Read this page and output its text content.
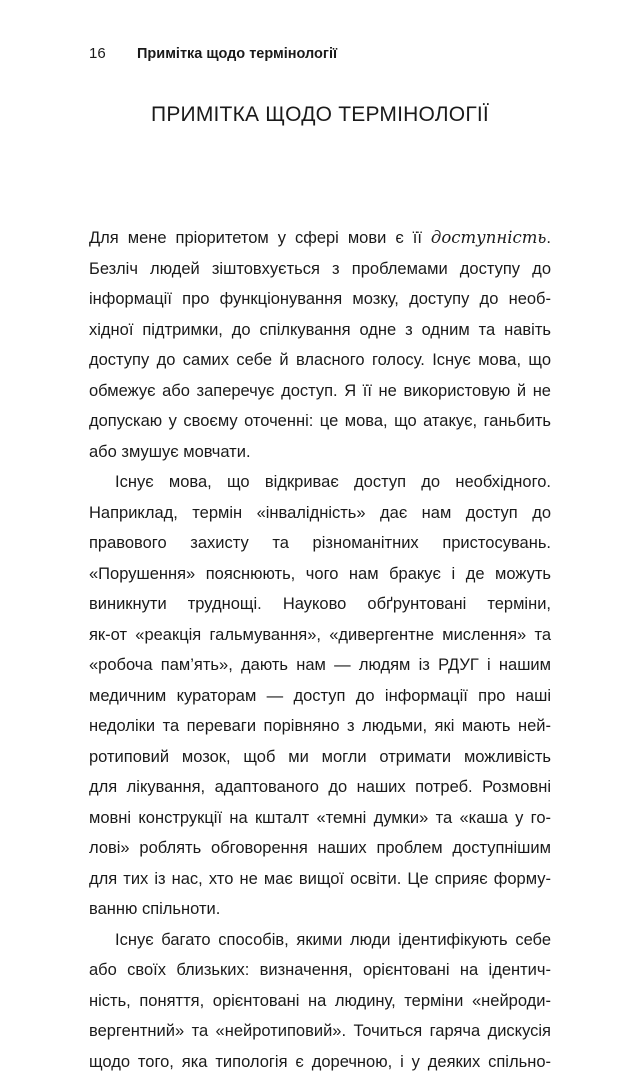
16 Примітка щодо термінології
ПРИМІТКА ЩОДО ТЕРМІНОЛОГІЇ

Для мене пріоритетом у сфері мови є її доступність.
Безліч людей зіштовхується з проблемами доступу до
інформації про функціонування мозку, доступу до необ-
хідної підтримки, до спілкування одне з одним та навіть
доступу до самих себе й власного голосу. Існує мова, що
обмежує або заперечує доступ. Я її не використовую й не
допускаю у своєму оточенні: це мова, що атакує, ганьбить
або змушує мовчати.

Існує мова, що відкриває доступ до необхідного.
Наприклад, термін «інвалідність» дає нам доступ до
правового захисту та різноманітних пристосувань.
«Порушення» пояснюють, чого нам бракує і де можуть
виникнути труднощі. Науково обґрунтовані терміни,
як-от «реакція гальмування», «дивергентне мислення» та
«робоча пам’ять», дають нам — людям із РДУГ і нашим
медичним кураторам — доступ до інформації про наші
недоліки та переваги порівняно з людьми, які мають ней-
ротиповий мозок, щоб ми могли отримати можливість
для лікування, адаптованого до наших потреб. Розмовні
мовні конструкції на кшталт «темні думки» та «каша у го-
лові» роблять обговорення наших проблем доступнішим
для тих із нас, хто не має вищої освіти. Це сприяє форму-
ванню спільноти.

Існує багато способів, якими люди ідентифікують себе
або своїх близьких: визначення, орієнтовані на ідентич-
ність, поняття, орієнтовані на людину, терміни «нейроди-
вергентний» та «нейротиповий». Точиться гаряча дискусія
щодо того, яка типологія є доречною, і у деяких спільно-
